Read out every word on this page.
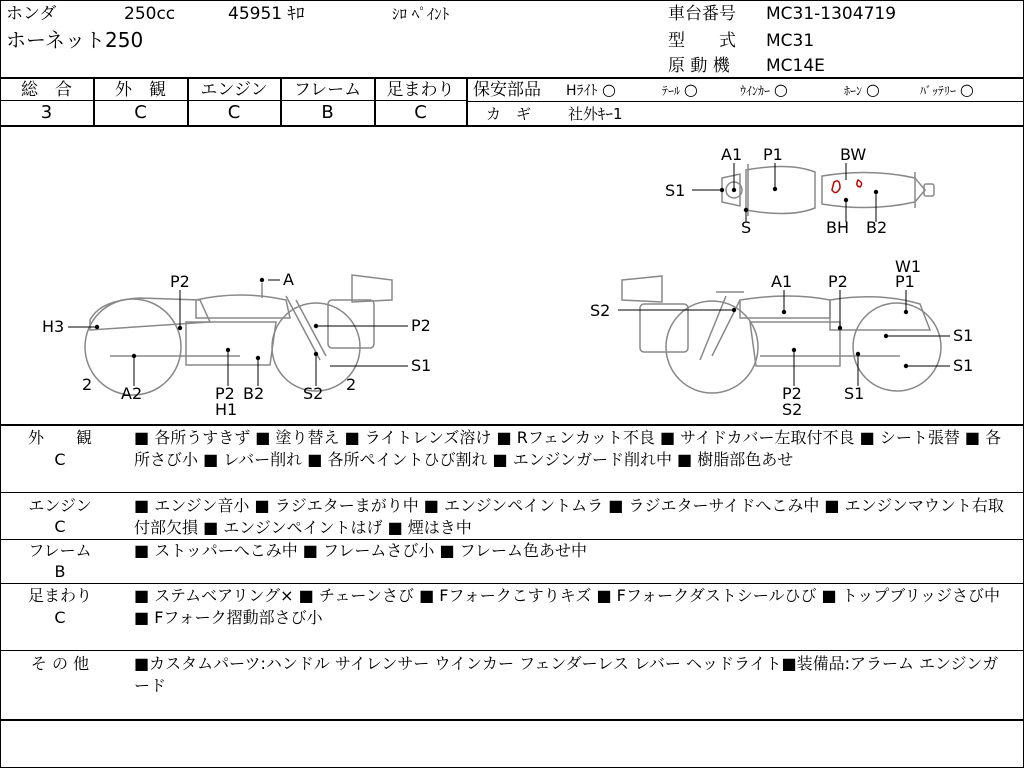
ホンダ	250cc	45951 ｷﾛ	ｼﾛ ﾍﾟｲﾝﾄ
ホーネット250
車台番号 MC31-1304719
型　　式 MC31
原 動 機 MC14E
総　合	外　観	エンジン	フレーム	足まわり
3	C	C	B	C
保安部品 Hﾗｲﾄ ○	ﾃｰﾙ ○	ｳｲﾝｶｰ ○	ﾎｰﾝ ○	ﾊﾞｯﾃﾘｰ ○
カ　ギ 社外ｷｰ1
A1 P1	BW
S1
S	BH B2
A
P2
H3	P2
2 A2	P2 B2 S2 2
S1
H1
W1
A1 P2	P1
S2
S1
S1
P2
S2
S1
外　　観
C
■ 各所うすきず ■ 塗り替え ■ ライトレンズ溶け ■ Rフェンカット不良 ■ サイドカバー左取付不良 ■ シート張替 ■ 各所さび小 ■ レバー削れ ■ 各所ペイントひび割れ ■ エンジンガード削れ中 ■ 樹脂部色あせ
エンジン
C
■ エンジン音小 ■ ラジエターまがり中 ■ エンジンペイントムラ ■ ラジエターサイドへこみ中 ■ エンジンマウント右取付部欠損 ■ エンジンペイントはげ ■ 煙はき中
フレーム
B
■ ストッパーへこみ中 ■ フレームさび小 ■ フレーム色あせ中
足まわり
C
■ ステムベアリング× ■ チェーンさび ■ Fフォークこすりキズ ■ Fフォークダストシールひび ■ トップブリッジさび中 ■ Fフォーク摺動部さび小
そ の 他	■カスタムパーツ:ハンドル サイレンサー ウインカー フェンダーレス レバー ヘッドライト■装備品:アラーム エンジンガード
